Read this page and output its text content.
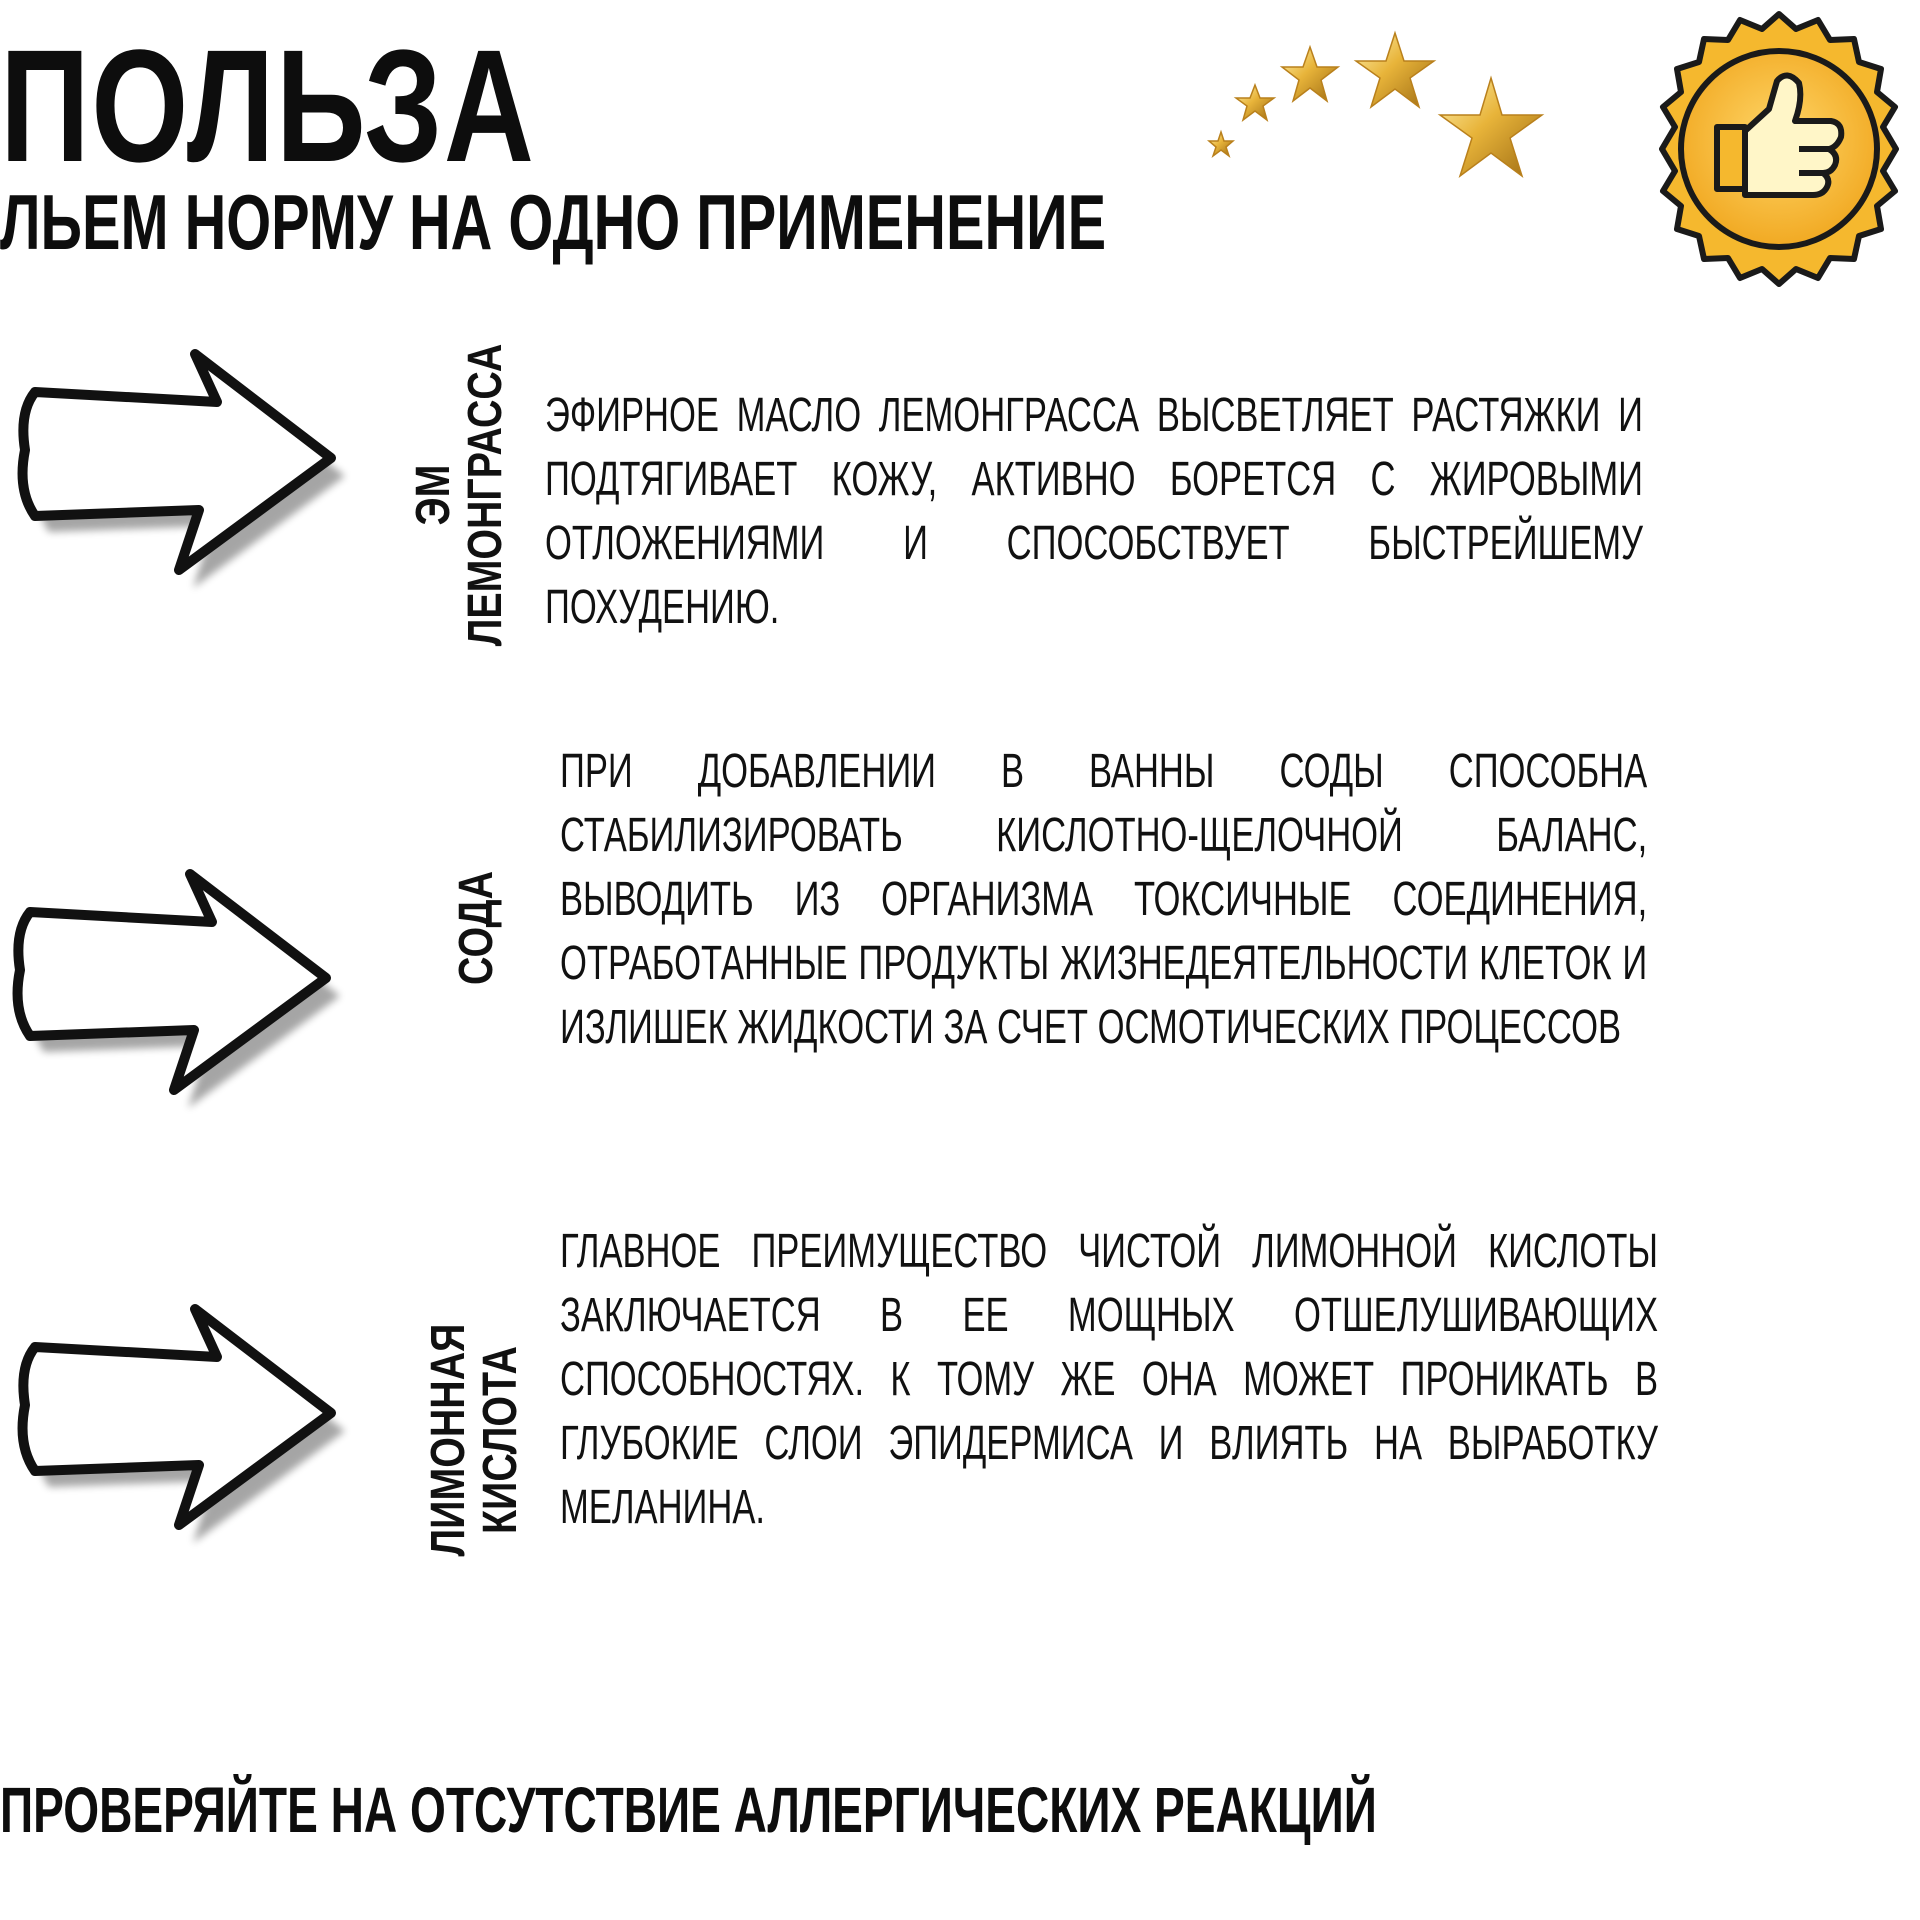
ПОЛЬЗА
ЛЬЕМ НОРМУ НА ОДНО ПРИМЕНЕНИЕ
ЭМ ЛЕМОНГРАССА ЭФИРНОЕ МАСЛО ЛЕМОНГРАССА ВЫСВЕТЛЯЕТ РАСТЯЖКИ И ПОДТЯГИВАЕТ КОЖУ, АКТИВНО БОРЕТСЯ С ЖИРОВЫМИ ОТЛОЖЕНИЯМИ И СПОСОБСТВУЕТ БЫСТРЕЙШЕМУ ПОХУДЕНИЮ.
СОДА
ПРИ ДОБАВЛЕНИИ В ВАННЫ СОДЫ СПОСОБНА СТАБИЛИЗИРОВАТЬ КИСЛОТНО-ЩЕЛОЧНОЙ БАЛАНС, ВЫВОДИТЬ ИЗ ОРГАНИЗМА ТОКСИЧНЫЕ СОЕДИНЕНИЯ, ОТРАБОТАННЫЕ ПРОДУКТЫ ЖИЗНЕДЕЯТЕЛЬНОСТИ КЛЕТОК И ИЗЛИШЕК ЖИДКОСТИ ЗА СЧЕТ ОСМОТИЧЕСКИХ ПРОЦЕССОВ
ЛИМОННАЯ КИСЛОТА
ГЛАВНОЕ ПРЕИМУЩЕСТВО ЧИСТОЙ ЛИМОННОЙ КИСЛОТЫ ЗАКЛЮЧАЕТСЯ В ЕЕ МОЩНЫХ ОТШЕЛУШИВАЮЩИХ СПОСОБНОСТЯХ. К ТОМУ ЖЕ ОНА МОЖЕТ ПРОНИКАТЬ В ГЛУБОКИЕ СЛОИ ЭПИДЕРМИСА И ВЛИЯТЬ НА ВЫРАБОТКУ МЕЛАНИНА.
ПРОВЕРЯЙТЕ НА ОТСУТСТВИЕ АЛЛЕРГИЧЕСКИХ РЕАКЦИЙ
